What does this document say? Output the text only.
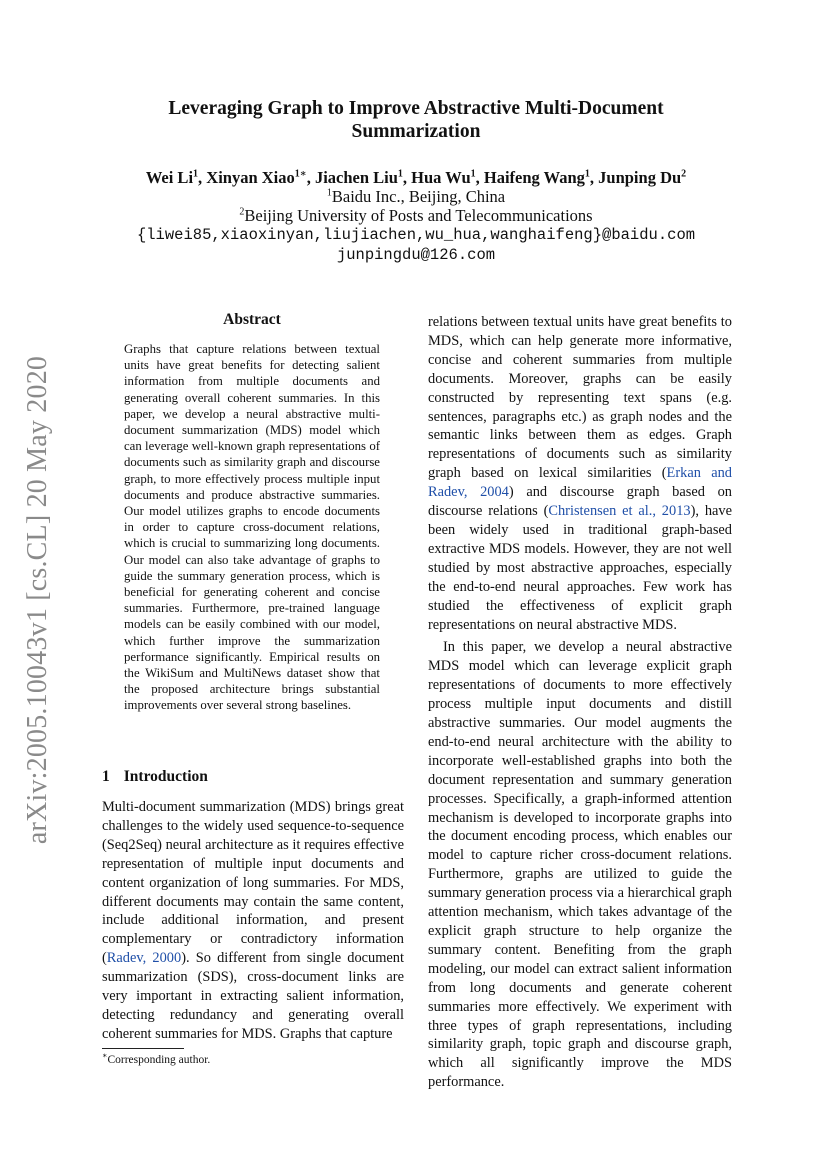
arXiv:2005.10043v1 [cs.CL] 20 May 2020
Leveraging Graph to Improve Abstractive Multi-Document
Summarization
Wei Li$^1$, Xinyan Xiao$^{1∗}$, Jiachen Liu$^1$, Hua Wu$^1$, Haifeng Wang$^1$, Junping Du$^2$
$^1$Baidu Inc., Beijing, China
$^2$Beijing University of Posts and Telecommunications
{liwei85,xiaoxinyan,liujiachen,wu_hua,wanghaifeng}@baidu.com
junpingdu@126.com
Abstract
Graphs that capture relations between textual units have great benefits for detecting salient information from multiple documents and generating overall coherent summaries. In this paper, we develop a neural abstractive multi-document summarization (MDS) model which can leverage well-known graph representations of documents such as similarity graph and discourse graph, to more effectively process multiple input documents and produce abstractive summaries. Our model utilizes graphs to encode documents in order to capture cross-document relations, which is crucial to summarizing long documents. Our model can also take advantage of graphs to guide the summary generation process, which is beneficial for generating coherent and concise summaries. Furthermore, pre-trained language models can be easily combined with our model, which further improve the summarization performance significantly. Empirical results on the WikiSum and MultiNews dataset show that the proposed architecture brings substantial improvements over several strong baselines.
1 Introduction
Multi-document summarization (MDS) brings great challenges to the widely used sequence-to-sequence (Seq2Seq) neural architecture as it requires effective representation of multiple input documents and content organization of long summaries. For MDS, different documents may contain the same content, include additional information, and present complementary or contradictory information (Radev, 2000). So different from single document summarization (SDS), cross-document links are very important in extracting salient information, detecting redundancy and generating overall coherent summaries for MDS. Graphs that capture

relations between textual units have great benefits to MDS, which can help generate more informative, concise and coherent summaries from multiple documents. Moreover, graphs can be easily constructed by representing text spans (e.g. sentences, paragraphs etc.) as graph nodes and the semantic links between them as edges. Graph representations of documents such as similarity graph based on lexical similarities (Erkan and Radev, 2004) and discourse graph based on discourse relations (Christensen et al., 2013), have been widely used in traditional graph-based extractive MDS models. However, they are not well studied by most abstractive approaches, especially the end-to-end neural approaches. Few work has studied the effectiveness of explicit graph representations on neural abstractive MDS.

In this paper, we develop a neural abstractive MDS model which can leverage explicit graph representations of documents to more effectively process multiple input documents and distill abstractive summaries. Our model augments the end-to-end neural architecture with the ability to incorporate well-established graphs into both the document representation and summary generation processes. Specifically, a graph-informed attention mechanism is developed to incorporate graphs into the document encoding process, which enables our model to capture richer cross-document relations. Furthermore, graphs are utilized to guide the summary generation process via a hierarchical graph attention mechanism, which takes advantage of the explicit graph structure to help organize the summary content. Benefiting from the graph modeling, our model can extract salient information from long documents and generate coherent summaries more effectively. We experiment with three types of graph representations, including similarity graph, topic graph and discourse graph, which all significantly improve the MDS performance.

∗Corresponding author.
